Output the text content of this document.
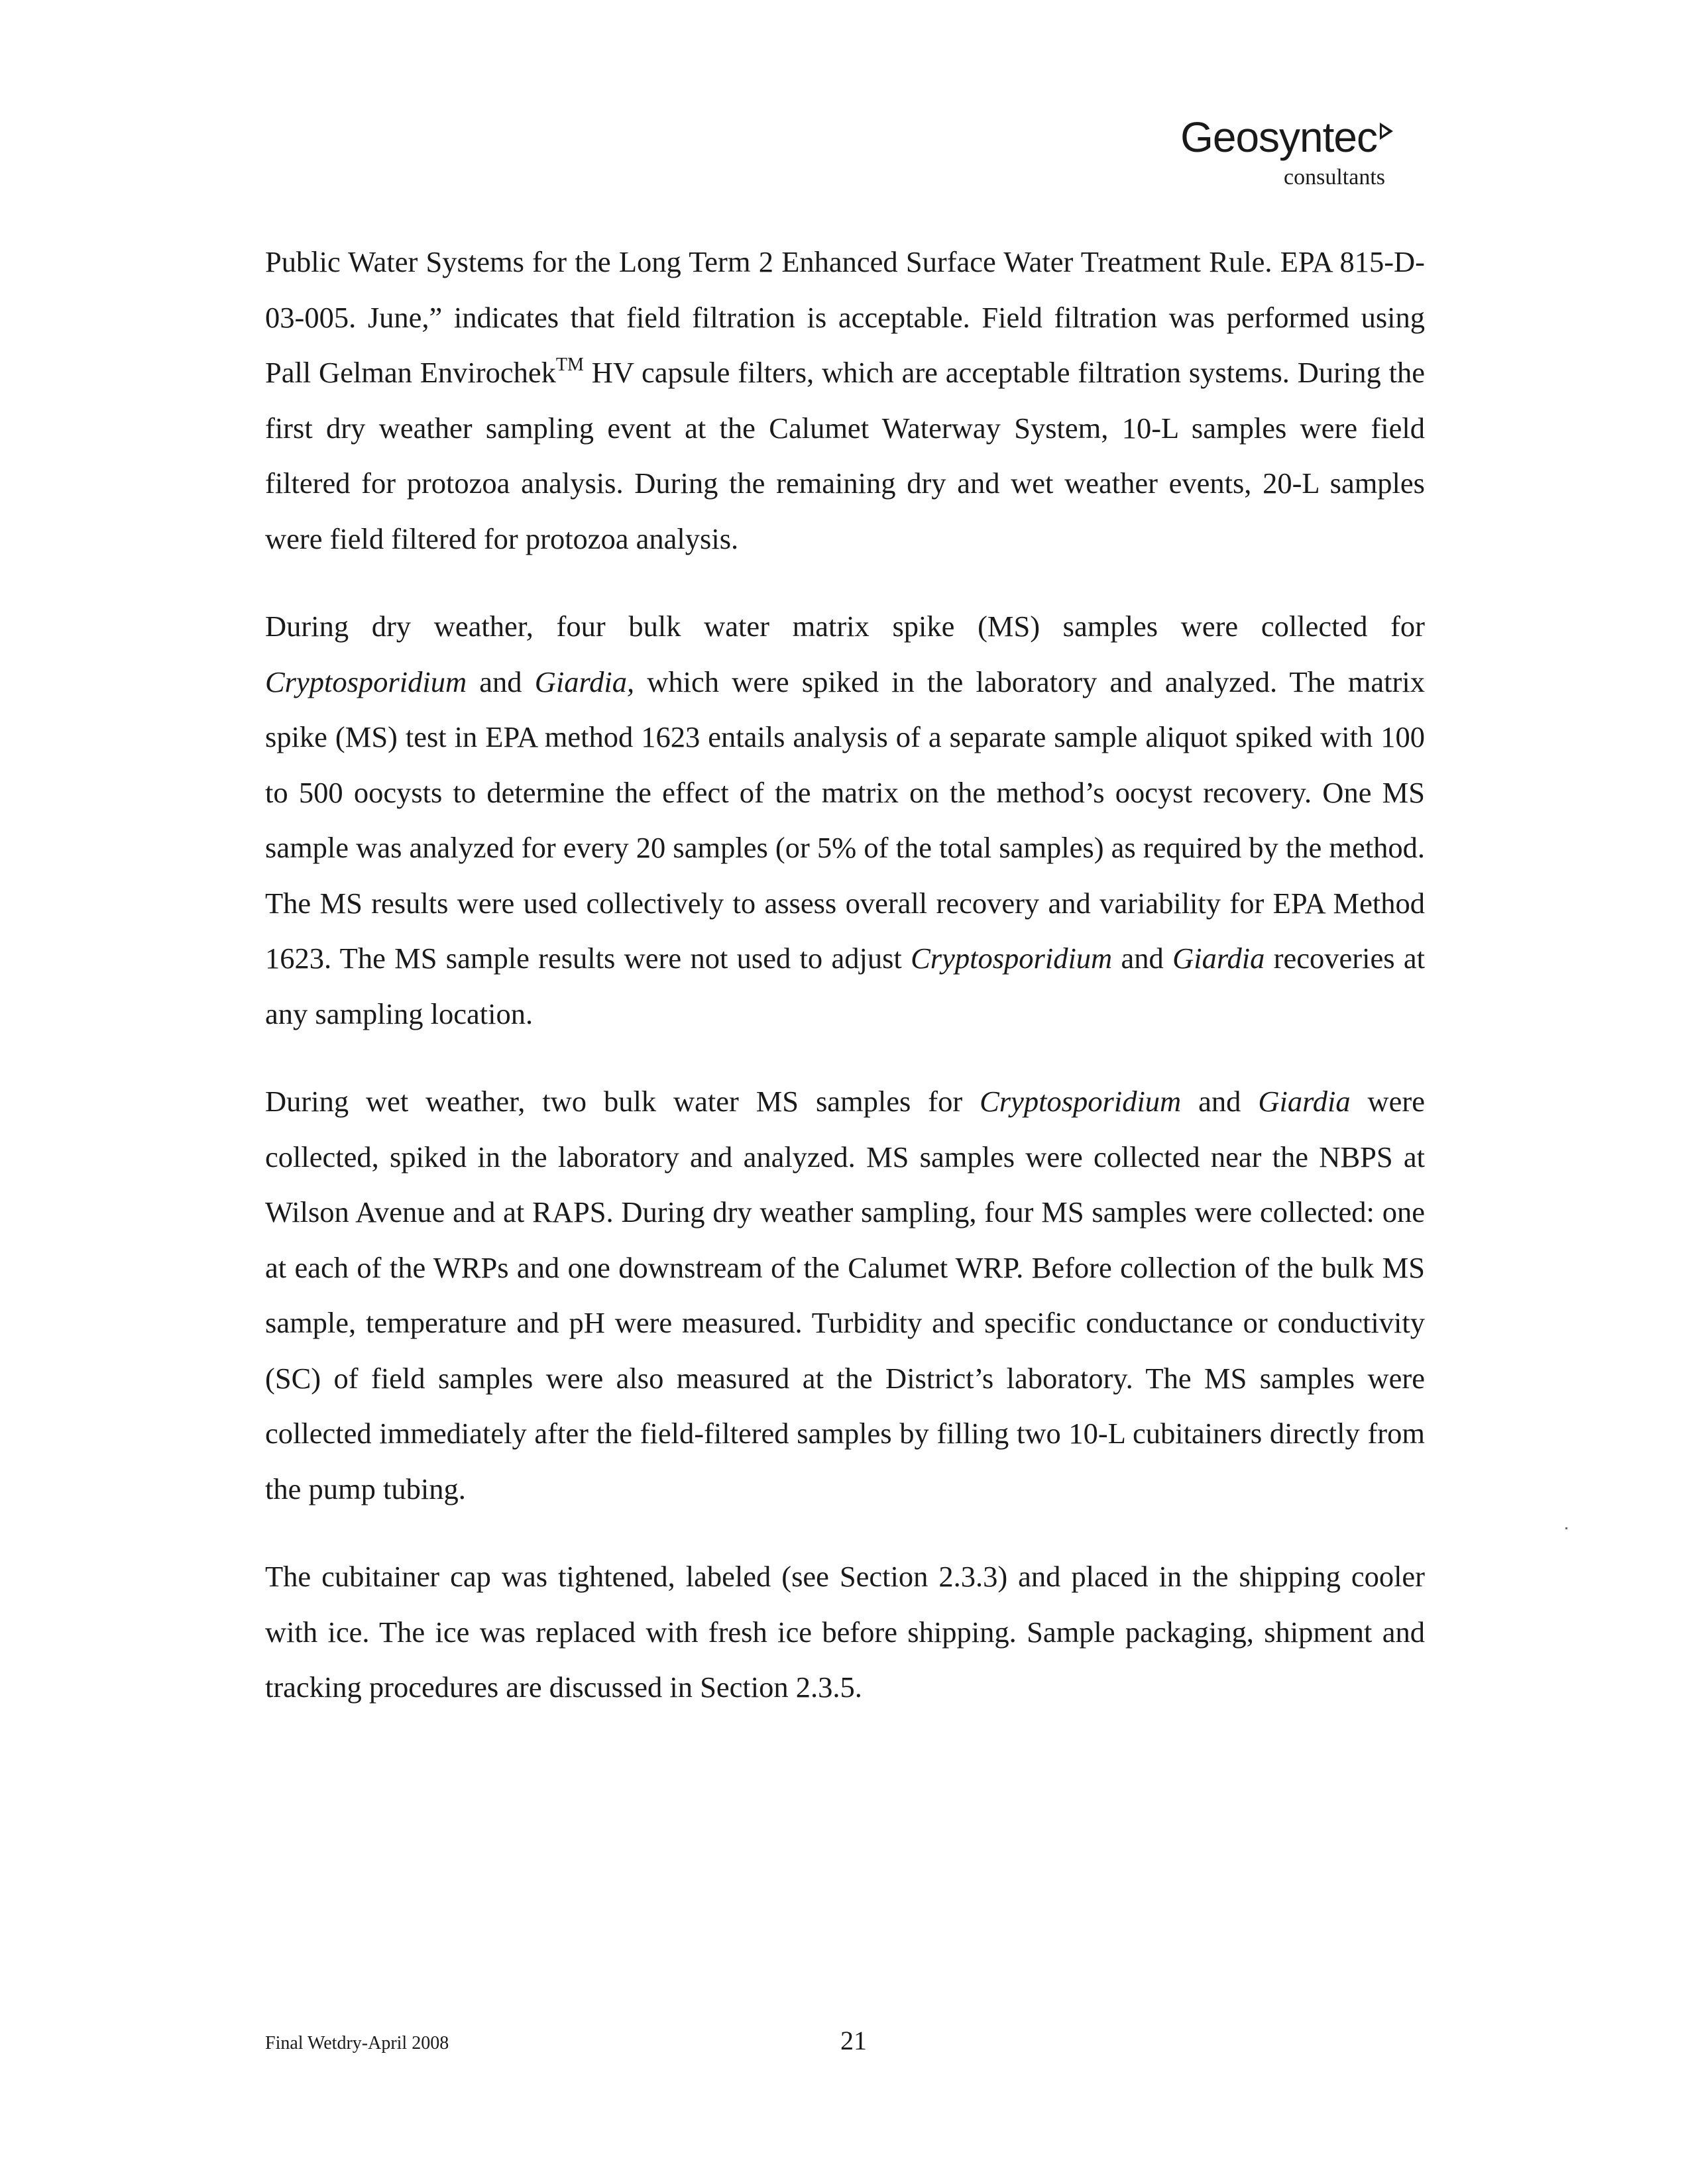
Geosyntec
consultants

Public Water Systems for the Long Term 2 Enhanced Surface Water Treatment Rule. EPA 815-D-03-005. June,” indicates that field filtration is acceptable. Field filtration was performed using Pall Gelman Envirochek™ HV capsule filters, which are acceptable filtration systems. During the first dry weather sampling event at the Calumet Waterway System, 10-L samples were field filtered for protozoa analysis. During the remaining dry and wet weather events, 20-L samples were field filtered for protozoa analysis.

During dry weather, four bulk water matrix spike (MS) samples were collected for Cryptosporidium and Giardia, which were spiked in the laboratory and analyzed. The matrix spike (MS) test in EPA method 1623 entails analysis of a separate sample aliquot spiked with 100 to 500 oocysts to determine the effect of the matrix on the method’s oocyst recovery. One MS sample was analyzed for every 20 samples (or 5% of the total samples) as required by the method. The MS results were used collectively to assess overall recovery and variability for EPA Method 1623. The MS sample results were not used to adjust Cryptosporidium and Giardia recoveries at any sampling location.

During wet weather, two bulk water MS samples for Cryptosporidium and Giardia were collected, spiked in the laboratory and analyzed. MS samples were collected near the NBPS at Wilson Avenue and at RAPS. During dry weather sampling, four MS samples were collected: one at each of the WRPs and one downstream of the Calumet WRP. Before collection of the bulk MS sample, temperature and pH were measured. Turbidity and specific conductance or conductivity (SC) of field samples were also measured at the District’s laboratory. The MS samples were collected immediately after the field-filtered samples by filling two 10-L cubitainers directly from the pump tubing.

The cubitainer cap was tightened, labeled (see Section 2.3.3) and placed in the shipping cooler with ice. The ice was replaced with fresh ice before shipping. Sample packaging, shipment and tracking procedures are discussed in Section 2.3.5.

Final Wetdry-April 2008	21
